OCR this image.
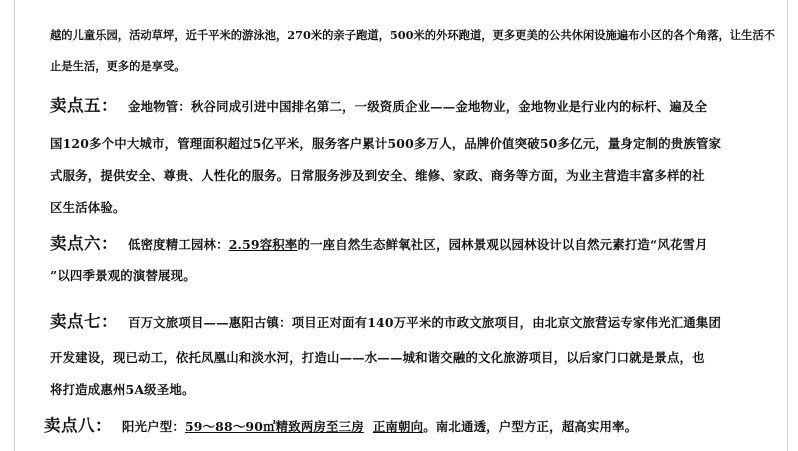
越的儿童乐园，活动草坪，近千平米的游泳池，270米的亲子跑道，500米的外环跑道，更多更美的公共休闲设施遍布小区的各个角落，让生活不
止是生活，更多的是享受。
卖点五： 金地物管：秋谷同成引进中国排名第二，一级资质企业——金地物业，金地物业是行业内的标杆、遍及全
国120多个中大城市，管理面积超过5亿平米，服务客户累计500多万人，品牌价值突破50多亿元，量身定制的贵族管家
式服务，提供安全、尊贵、人性化的服务。日常服务涉及到安全、维修、家政、商务等方面，为业主营造丰富多样的社
区生活体验。
卖点六： 低密度精工园林：2.59容积率的一座自然生态鲜氧社区，园林景观以园林设计以自然元素打造“风花雪月
”以四季景观的演替展现。
卖点七： 百万文旅项目——惠阳古镇：项目正对面有140万平米的市政文旅项目，由北京文旅营运专家伟光汇通集团
开发建设，现已动工，依托凤凰山和淡水河，打造山——水——城和谐交融的文化旅游项目，以后家门口就是景点，也
将打造成惠州5A级圣地。
卖点八： 阳光户型：59～88～90㎡精致两房至三房 正南朝向。南北通透，户型方正，超高实用率。
